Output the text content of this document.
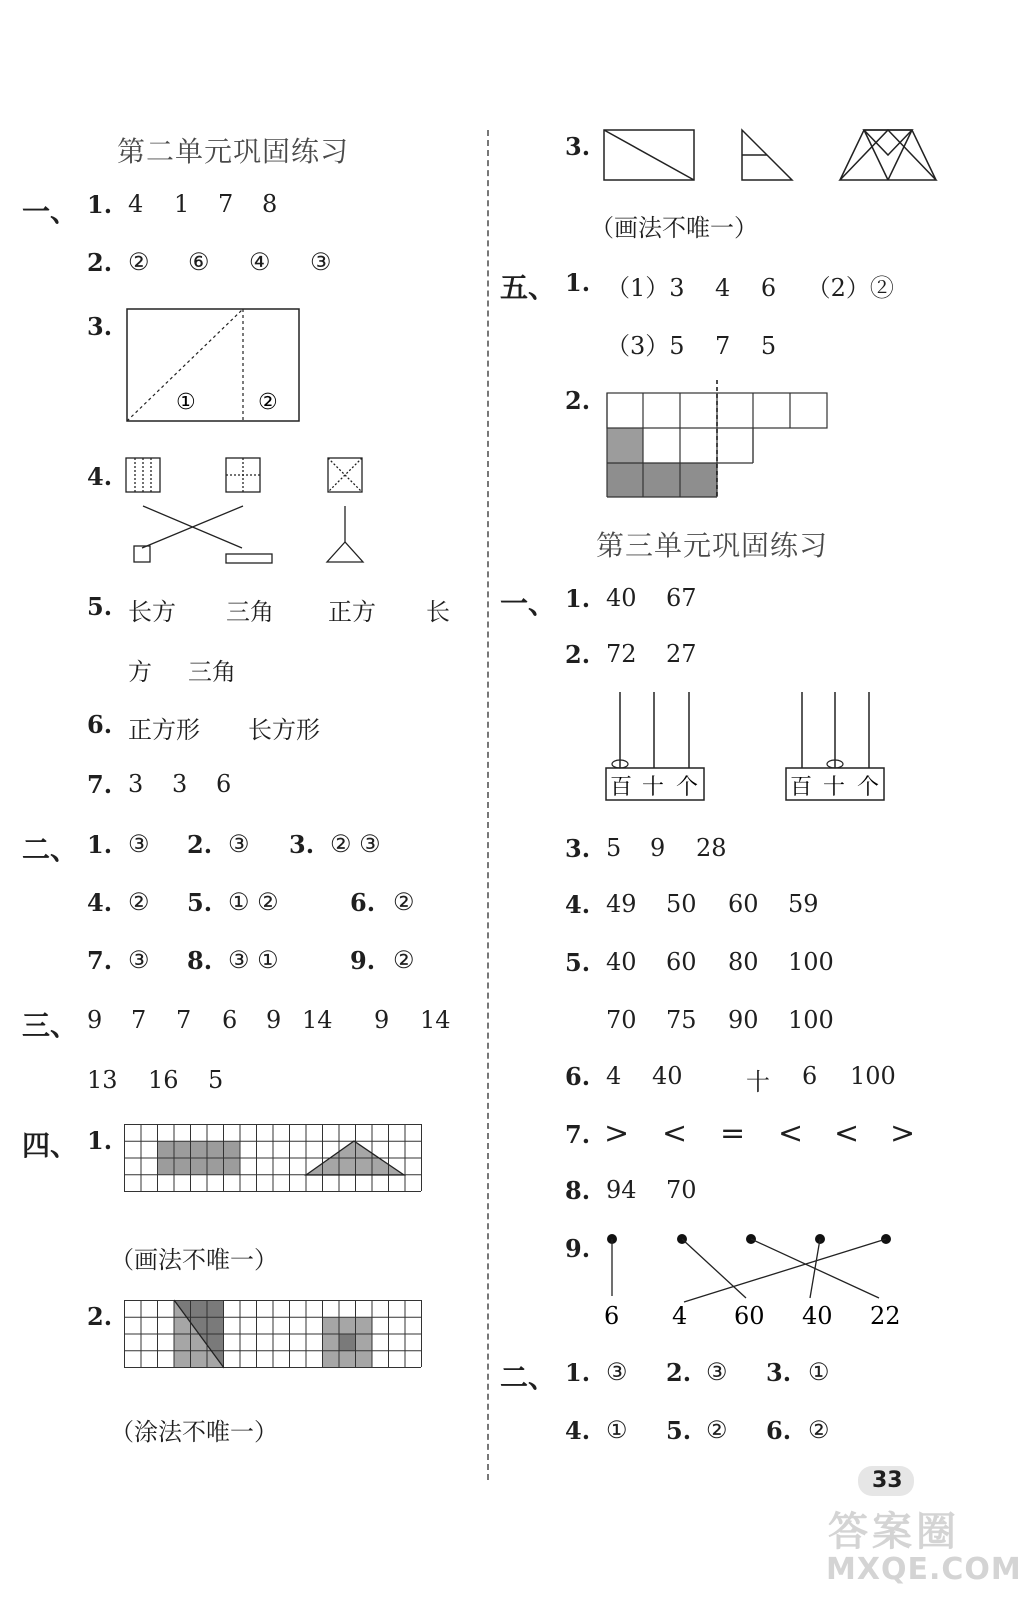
第二单元巩固练习
一、 1. 4 1 7 8
2. ② ⑥ ④ ③
3.
①	②
4.
5. 长方 三角 正方 长
方 三角
6. 正方形 长方形
7. 3 3 6
二、 1. ③ 2. ③ 3. ② ③
4. ② 5. ① ②	6. ②
7. ③ 8. ③ ①	9. ②
三、 9 7 7 6 9 14 9 14
13 16 5
四、 1.
（画法不唯一）
2.
（涂法不唯一）
3.
（画法不唯一）
五、 1. （1）3    4    6    （2）②
（3）5    7    5
2.
第三单元巩固练习
一、 1. 40 67
2. 72 27
百 十 个	百 十 个
3. 5 9 28
4. 49 50 60 59
5. 40 60 80 100
70 75 90 100
6. 4 40	十 6 100
7. > < = < < >
8. 94 70
9.
6 4 60 40 22
二、 1. ③ 2. ③ 3. ①
4. ① 5. ② 6. ②
33
答案圈
MXQE.COM
